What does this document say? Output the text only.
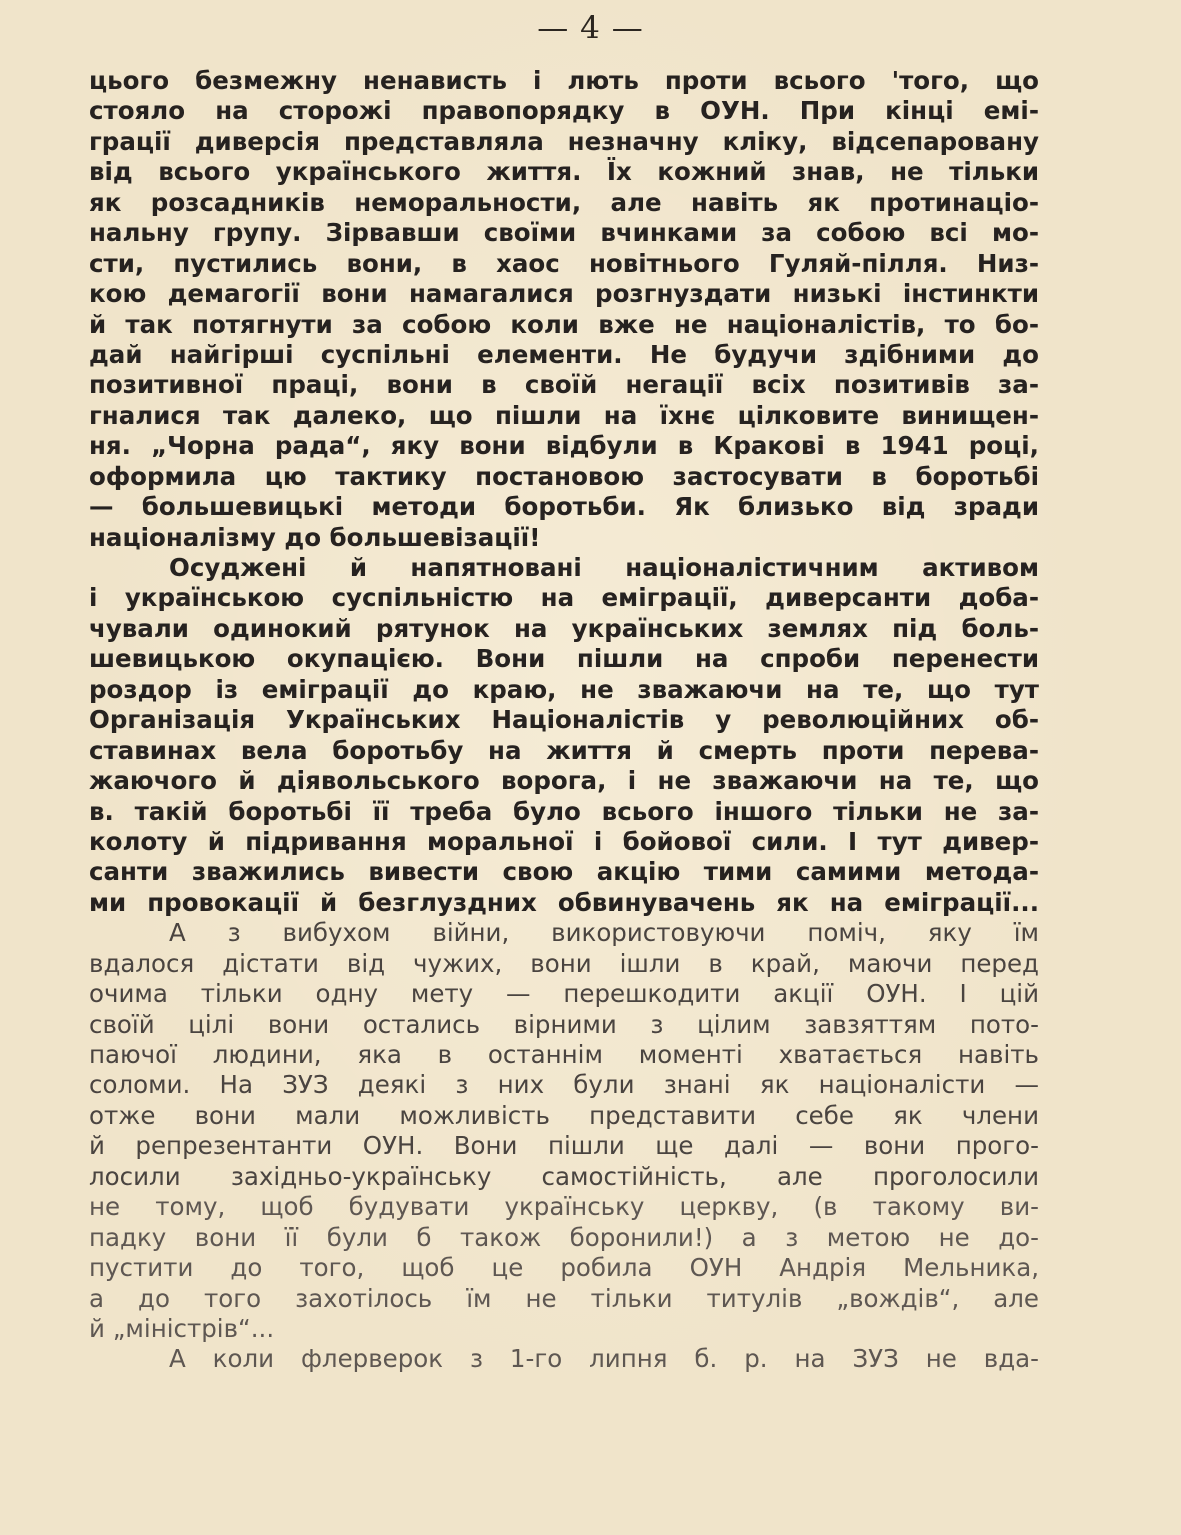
— 4 —
цього безмежну ненависть і лють проти всього 'того, що
стояло на сторожі правопорядку в ОУН. При кінці емі-
грації диверсія представляла незначну кліку, відсепаровану
від всього українського життя. Їх кожний знав, не тільки
як розсадників неморальности, але навіть як протинаціо-
нальну групу. Зірвавши своїми вчинками за собою всі мо-
сти, пустились вони, в хаос новітнього Гуляй-пілля. Низ-
кою демагогії вони намагалися розгнуздати низькі інстинкти
й так потягнути за собою коли вже не націоналістів, то бо-
дай найгірші суспільні елементи. Не будучи здібними до
позитивної праці, вони в своїй негації всіх позитивів за-
гналися так далеко, що пішли на їхнє цілковите винищен-
ня. „Чорна рада“, яку вони відбули в Кракові в 1941 році,
оформила цю тактику постановою застосувати в боротьбі
— большевицькі методи боротьби. Як близько від зради
націоналізму до большевізації!
Осуджені й напятновані націоналістичним активом
і українською суспільністю на еміграції, диверсанти доба-
чували одинокий рятунок на українських землях під боль-
шевицькою окупацією. Вони пішли на спроби перенести
роздор із еміграції до краю, не зважаючи на те, що тут
Організація Українських Націоналістів у революційних об-
ставинах вела боротьбу на життя й смерть проти перева-
жаючого й діявольського ворога, і не зважаючи на те, що
в. такій боротьбі її треба було всього іншого тільки не за-
колоту й підривання моральної і бойової сили. І тут дивер-
санти зважились вивести свою акцію тими самими метода-
ми провокації й безглуздних обвинувачень як на еміграції...
А з вибухом війни, використовуючи поміч, яку їм
вдалося дістати від чужих, вони ішли в край, маючи перед
очима тільки одну мету — перешкодити акції ОУН. І цій
своїй цілі вони остались вірними з цілим завзяттям пото-
паючої людини, яка в останнім моменті хватається навіть
соломи. На ЗУЗ деякі з них були знані як націоналісти —
отже вони мали можливість представити себе як члени
й репрезентанти ОУН. Вони пішли ще далі — вони прого-
лосили західньо-українську самостійність, але проголосили
не тому, щоб будувати українську церкву, (в такому ви-
падку вони її були б також боронили!) а з метою не до-
пустити до того, щоб це робила ОУН Андрія Мельника,
а до того захотілось їм не тільки титулів „вождів“, але
й „міністрів“...
А коли флерверок з 1-го липня б. р. на ЗУЗ не вда-
